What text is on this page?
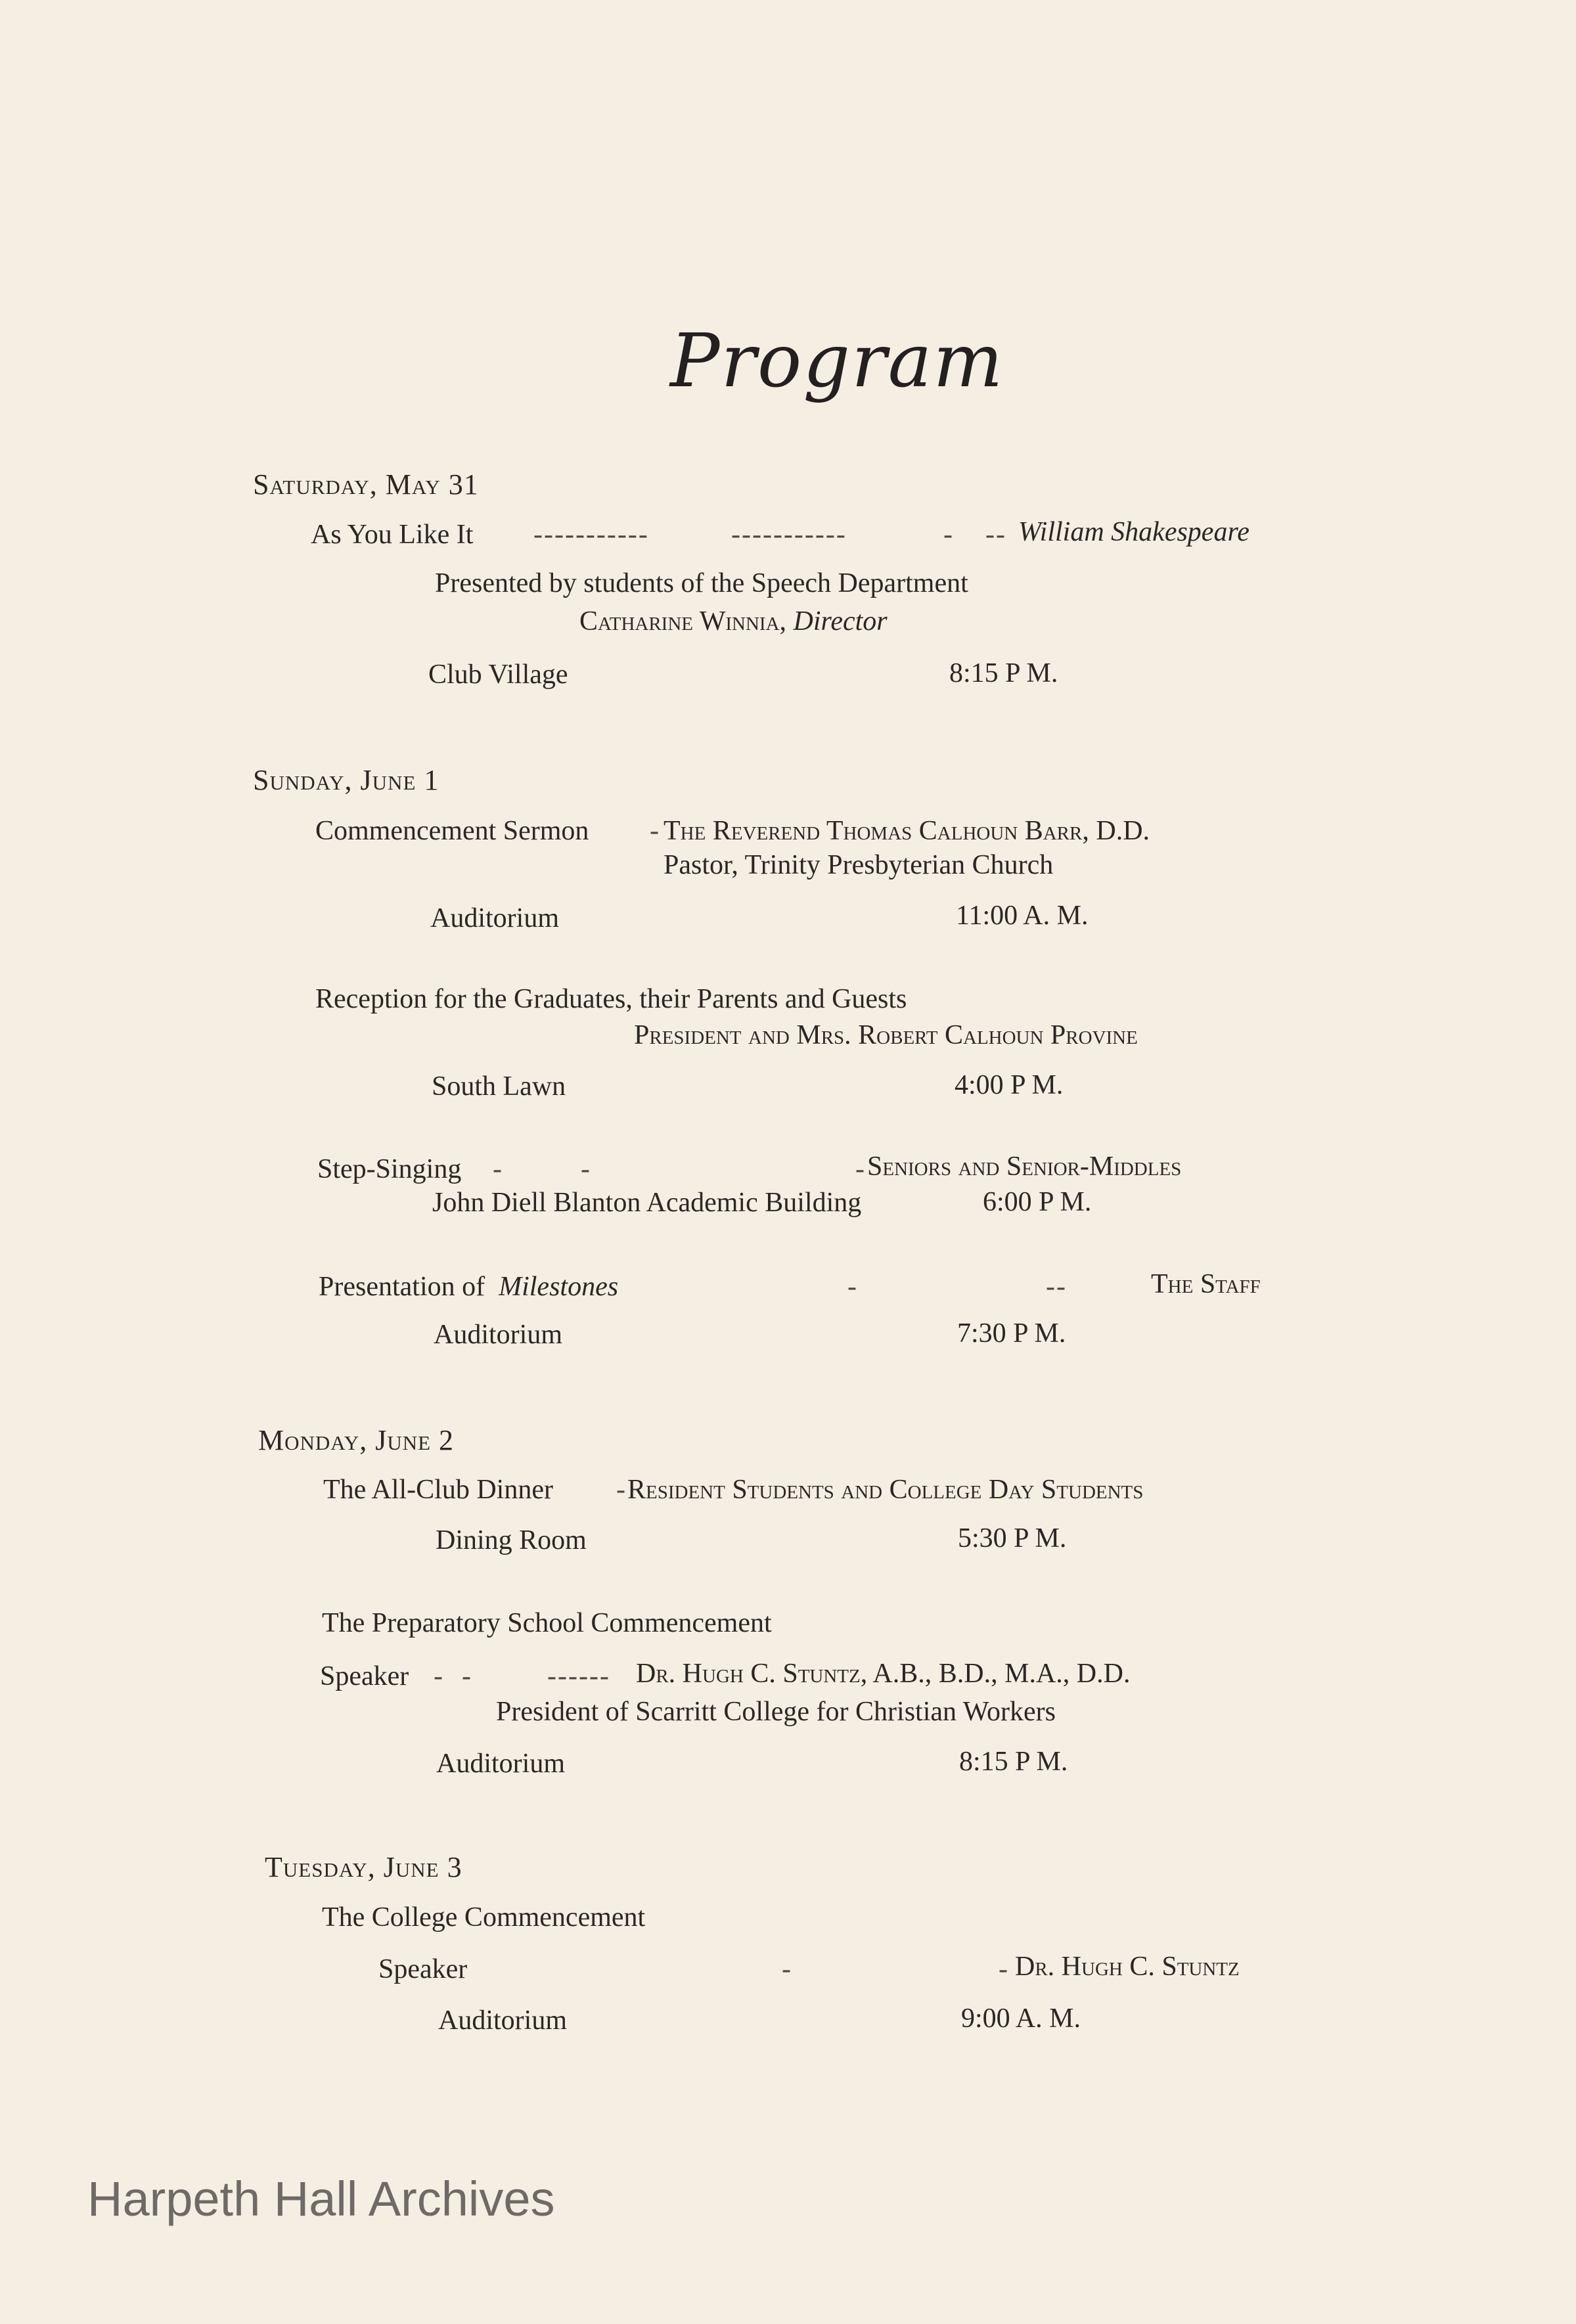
Program
Saturday, May 31
As You Like It -----------	-----------	- -- William Shakespeare
Presented by students of the Speech Department
Catharine Winnia, Director
Club Village	8:15 P M.
Sunday, June 1
Commencement Sermon - The Reverend Thomas Calhoun Barr, D.D.
Pastor, Trinity Presbyterian Church
Auditorium	11:00 A. M.
Reception for the Graduates, their Parents and Guests
President and Mrs. Robert Calhoun Provine
South Lawn	4:00 P M.
Step-Singing -	-	- Seniors and Senior-Middles
John Diell Blanton Academic Building	6:00 P M.
Presentation of Milestones	-	--	The Staff
Auditorium	7:30 P M.
Monday, June 2
The All-Club Dinner - Resident Students and College Day Students
Dining Room	5:30 P M.
The Preparatory School Commencement
Speaker - -	------ Dr. Hugh C. Stuntz, A.B., B.D., M.A., D.D.
President of Scarritt College for Christian Workers
Auditorium	8:15 P M.
Tuesday, June 3
The College Commencement
Speaker	-	- Dr. Hugh C. Stuntz
Auditorium	9:00 A. M.
Harpeth Hall Archives
